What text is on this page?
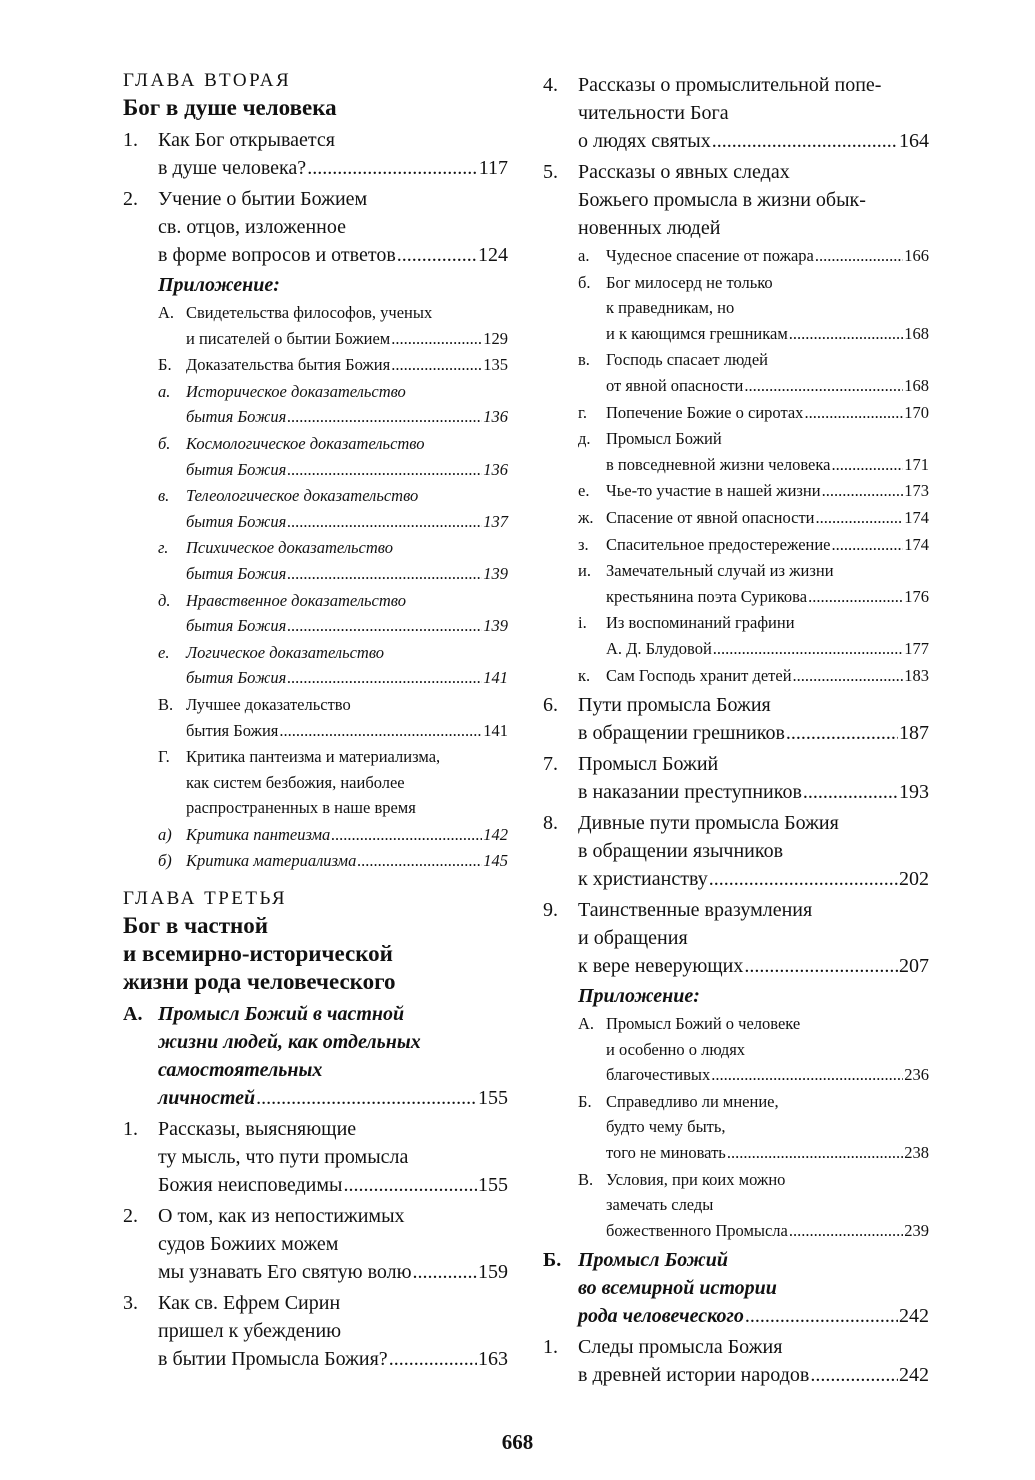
ГЛАВА ВТОРАЯ
Бог в душе человека
1.	Как Бог открывается
в душе человека? .....	117
2.	Учение о бытии Божием
св. отцов, изложенное
в форме вопросов и ответов .....	124
Приложение:
А. Свидетельства философов, ученых
и писателей о бытии Божием .....	129
Б. Доказательства бытия Божия .....	135
а. Историческое доказательство
бытия Божия .....	136
б. Космологическое доказательство
бытия Божия .....	136
в.	Телеологическое доказательство
бытия Божия .....	137
г.	Психическое доказательство
бытия Божия .....	139
д. Нравственное доказательство
бытия Божия .....	139
е.	Логическое доказательство
бытия Божия .....	141
В. Лучшее доказательство
бытия Божия .....	141
Г. Критика пантеизма и материализма,
как систем безбожия, наиболее
распространенных в наше время
а) Критика пантеизма .....	142
б) Критика материализма .....	145
ГЛАВА ТРЕТЬЯ
Бог в частной
и всемирно-исторической
жизни рода человеческого
А. Промысл Божий в частной
жизни людей, как отдельных
самостоятельных
личностей .....	155
1.	Рассказы, выясняющие
ту мысль, что пути промысла
Божия неисповедимы .....	155
2.	О том, как из непостижимых
судов Божиих можем
мы узнавать Его святую волю .....	159
3.	Как св. Ефрем Сирин
пришел к убеждению
в бытии Промысла Божия? .....	163
4.	Рассказы о промыслительной попе-
чительности Бога
о людях святых .....	164
5.	Рассказы о явных следах
Божьего промысла в жизни обык-
новенных людей
а.	Чудесное спасение от пожара .....	166
б. Бог милосерд не только
к праведникам, но
и к кающимся грешникам .....	168
в. Господь спасает людей
от явной опасности .....	168
г.	Попечение Божие о сиротах .....	170
д. Промысл Божий
в повседневной жизни человека .....	171
е.	Чье-то участие в нашей жизни .....	173
ж. Спасение от явной опасности .....	174
з.	Спасительное предостережение .....	174
и. Замечательный случай из жизни
крестьянина поэта Сурикова .....	176
i.	Из воспоминаний графини
А. Д. Блудовой .....	177
к. Сам Господь хранит детей .....	183
6.	Пути промысла Божия
в обращении грешников .....	187
7.	Промысл Божий
в наказании преступников .....	193
8.	Дивные пути промысла Божия
в обращении язычников
к христианству .....	202
9.	Таинственные вразумления
и обращения
к вере неверующих .....	207
Приложение:
А. Промысл Божий о человеке
и особенно о людях
благочестивых .....	236
Б. Справедливо ли мнение,
будто чему быть,
того не миновать .....	238
В. Условия, при коих можно
замечать следы
божественного Промысла .....	239
Б. Промысл Божий
во всемирной истории
рода человеческого .....	242
1.	Следы промысла Божия
в древней истории народов .....	242
668
